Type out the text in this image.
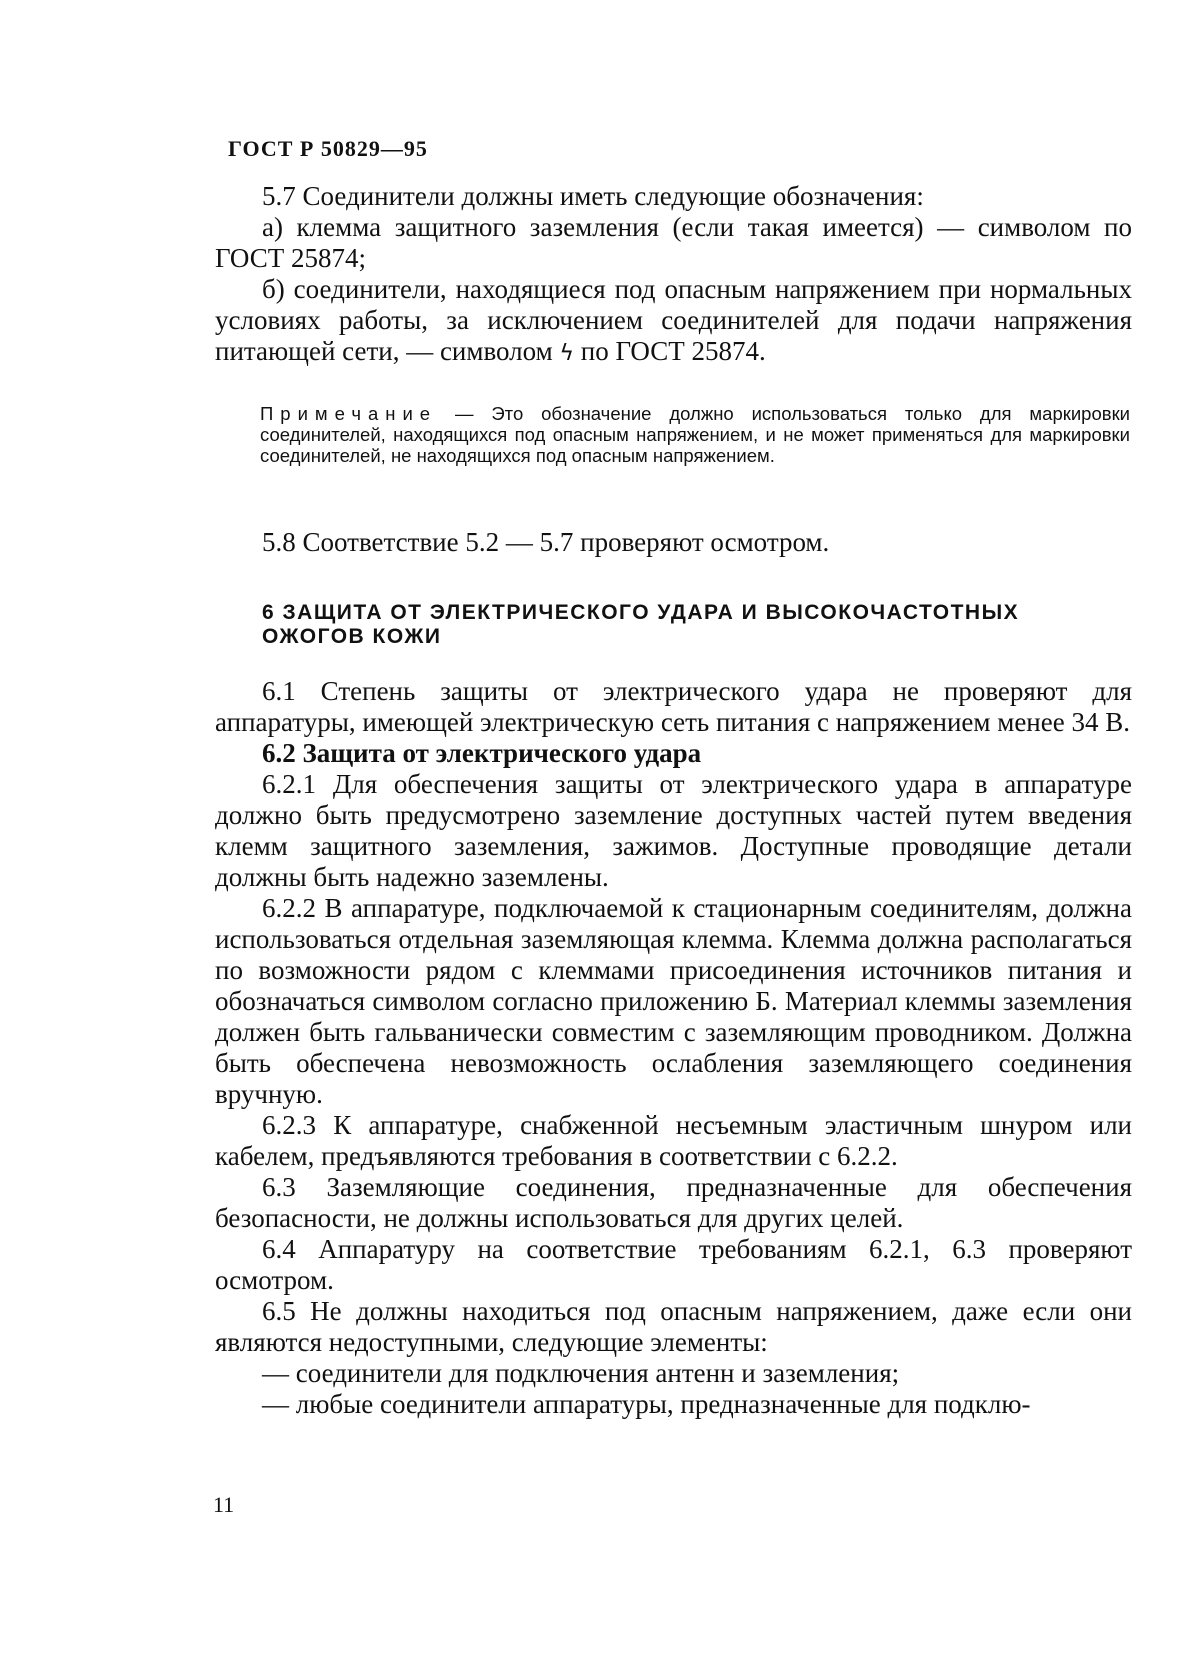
ГОСТ Р 50829—95

5.7 Соединители должны иметь следующие обозначения:

а) клемма защитного заземления (если такая имеется) — символом по ГОСТ 25874;

б) соединители, находящиеся под опасным напряжением при нормальных условиях работы, за исключением соединителей для подачи напряжения питающей сети, — символом ϟ по ГОСТ 25874.

Примечание — Это обозначение должно использоваться только для маркировки соединителей, находящихся под опасным напряжением, и не может применяться для маркировки соединителей, не находящихся под опасным напряжением.

5.8 Соответствие 5.2 — 5.7 проверяют осмотром.

6 ЗАЩИТА ОТ ЭЛЕКТРИЧЕСКОГО УДАРА И ВЫСОКОЧАСТОТНЫХ ОЖОГОВ КОЖИ

6.1 Степень защиты от электрического удара не проверяют для аппаратуры, имеющей электрическую сеть питания с напряжением менее 34 В.

6.2 Защита от электрического удара

6.2.1 Для обеспечения защиты от электрического удара в аппаратуре должно быть предусмотрено заземление доступных частей путем введения клемм защитного заземления, зажимов. Доступные проводящие детали должны быть надежно заземлены.

6.2.2 В аппаратуре, подключаемой к стационарным соединителям, должна использоваться отдельная заземляющая клемма. Клемма должна располагаться по возможности рядом с клеммами присоединения источников питания и обозначаться символом согласно приложению Б. Материал клеммы заземления должен быть гальванически совместим с заземляющим проводником. Должна быть обеспечена невозможность ослабления заземляющего соединения вручную.

6.2.3 К аппаратуре, снабженной несъемным эластичным шнуром или кабелем, предъявляются требования в соответствии с 6.2.2.

6.3 Заземляющие соединения, предназначенные для обеспечения безопасности, не должны использоваться для других целей.

6.4 Аппаратуру на соответствие требованиям 6.2.1, 6.3 проверяют осмотром.

6.5 Не должны находиться под опасным напряжением, даже если они являются недоступными, следующие элементы:

— соединители для подключения антенн и заземления;

— любые соединители аппаратуры, предназначенные для подклю-

11
